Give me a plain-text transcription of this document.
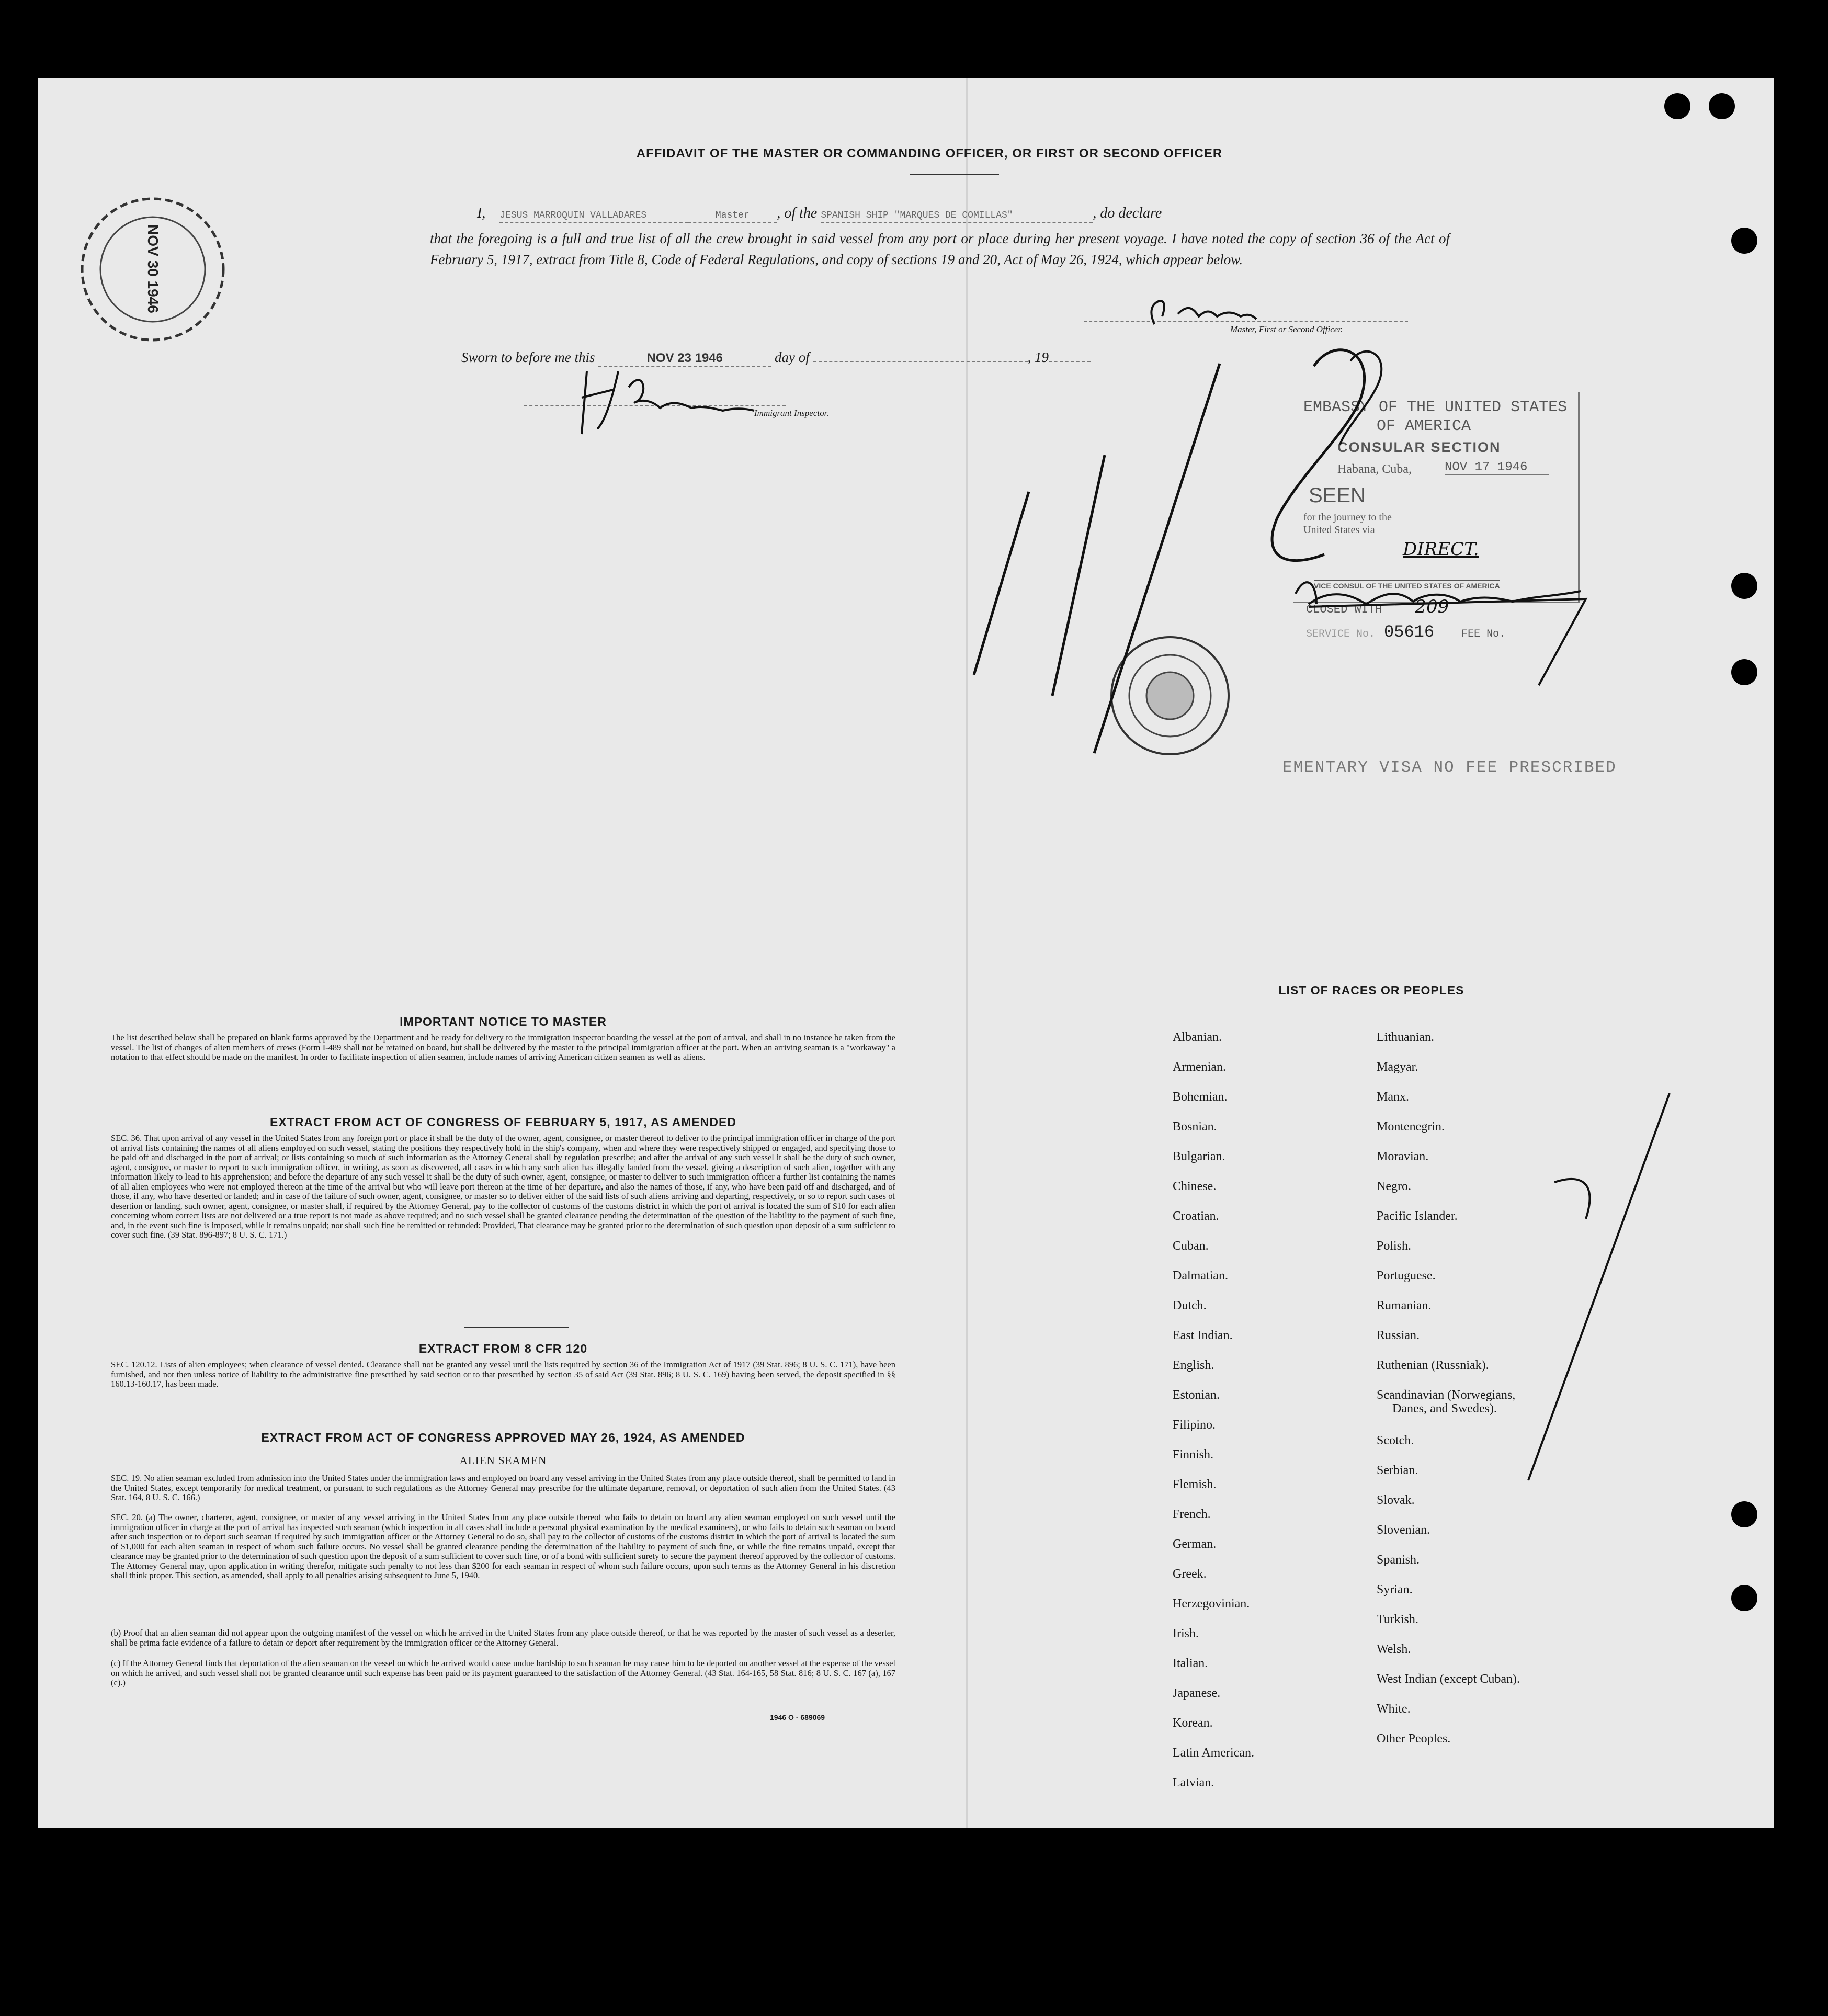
AFFIDAVIT OF THE MASTER OR COMMANDING OFFICER, OR FIRST OR SECOND OFFICER
I, JESUS MARROQUIN VALLADARES	Master , of the SPANISH SHIP "MARQUES DE COMILLAS"	, do declare
that the foregoing is a full and true list of all the crew brought in said vessel from any port or place during her present voyage. I have noted the copy of section 36 of the Act of February 5, 1917, extract from Title 8, Code of Federal Regulations, and copy of sections 19 and 20, Act of May 26, 1924, which appear below.
Master, First or Second Officer.
Sworn to before me this	NOV 23 1946	day of	, 19
Immigrant Inspector.
NOV 30 1946
EMBASSY OF THE UNITED STATES
OF AMERICA
CONSULAR SECTION
Habana, Cuba,	NOV 17 1946
SEEN
for the journey to the
United States via
DIRECT.
VICE CONSUL OF THE UNITED STATES OF AMERICA
CLOSED WITH 209
SERVICE No. 05616	FEE No.
EMENTARY VISA NO FEE PRESCRIBED
IMPORTANT NOTICE TO MASTER
The list described below shall be prepared on blank forms approved by the Department and be ready for delivery to the immigration inspector boarding the vessel at the port of arrival, and shall in no instance be taken from the vessel. The list of changes of alien members of crews (Form I-489 shall not be retained on board, but shall be delivered by the master to the principal immigration officer at the port. When an arriving seaman is a "workaway" a notation to that effect should be made on the manifest. In order to facilitate inspection of alien seamen, include names of arriving American citizen seamen as well as aliens.
EXTRACT FROM ACT OF CONGRESS OF FEBRUARY 5, 1917, AS AMENDED
SEC. 36. That upon arrival of any vessel in the United States from any foreign port or place it shall be the duty of the owner, agent, consignee, or master thereof to deliver to the principal immigration officer in charge of the port of arrival lists containing the names of all aliens employed on such vessel, stating the positions they respectively hold in the ship's company, when and where they were respectively shipped or engaged, and specifying those to be paid off and discharged in the port of arrival; or lists containing so much of such information as the Attorney General shall by regulation prescribe; and after the arrival of any such vessel it shall be the duty of such owner, agent, consignee, or master to report to such immigration officer, in writing, as soon as discovered, all cases in which any such alien has illegally landed from the vessel, giving a description of such alien, together with any information likely to lead to his apprehension; and before the departure of any such vessel it shall be the duty of such owner, agent, consignee, or master to deliver to such immigration officer a further list containing the names of all alien employees who were not employed thereon at the time of the arrival but who will leave port thereon at the time of her departure, and also the names of those, if any, who have been paid off and discharged, and of those, if any, who have deserted or landed; and in case of the failure of such owner, agent, consignee, or master so to deliver either of the said lists of such aliens arriving and departing, respectively, or so to report such cases of desertion or landing, such owner, agent, consignee, or master shall, if required by the Attorney General, pay to the collector of customs of the customs district in which the port of arrival is located the sum of $10 for each alien concerning whom correct lists are not delivered or a true report is not made as above required; and no such vessel shall be granted clearance pending the determination of the question of the liability to the payment of such fine, and, in the event such fine is imposed, while it remains unpaid; nor shall such fine be remitted or refunded: Provided, That clearance may be granted prior to the determination of such question upon deposit of a sum sufficient to cover such fine. (39 Stat. 896-897; 8 U. S. C. 171.)
EXTRACT FROM 8 CFR 120
SEC. 120.12. Lists of alien employees; when clearance of vessel denied. Clearance shall not be granted any vessel until the lists required by section 36 of the Immigration Act of 1917 (39 Stat. 896; 8 U. S. C. 171), have been furnished, and not then unless notice of liability to the administrative fine prescribed by said section or to that prescribed by section 35 of said Act (39 Stat. 896; 8 U. S. C. 169) having been served, the deposit specified in §§ 160.13-160.17, has been made.
EXTRACT FROM ACT OF CONGRESS APPROVED MAY 26, 1924, AS AMENDED
ALIEN SEAMEN
SEC. 19. No alien seaman excluded from admission into the United States under the immigration laws and employed on board any vessel arriving in the United States from any place outside thereof, shall be permitted to land in the United States, except temporarily for medical treatment, or pursuant to such regulations as the Attorney General may prescribe for the ultimate departure, removal, or deportation of such alien from the United States. (43 Stat. 164, 8 U. S. C. 166.)
SEC. 20. (a) The owner, charterer, agent, consignee, or master of any vessel arriving in the United States from any place outside thereof who fails to detain on board any alien seaman employed on such vessel until the immigration officer in charge at the port of arrival has inspected such seaman (which inspection in all cases shall include a personal physical examination by the medical examiners), or who fails to detain such seaman on board after such inspection or to deport such seaman if required by such immigration officer or the Attorney General to do so, shall pay to the collector of customs of the customs district in which the port of arrival is located the sum of $1,000 for each alien seaman in respect of whom such failure occurs. No vessel shall be granted clearance pending the determination of the liability to payment of such fine, or while the fine remains unpaid, except that clearance may be granted prior to the determination of such question upon the deposit of a sum sufficient to cover such fine, or of a bond with sufficient surety to secure the payment thereof approved by the collector of customs. The Attorney General may, upon application in writing therefor, mitigate such penalty to not less than $200 for each seaman in respect of whom such failure occurs, upon such terms as the Attorney General in his discretion shall think proper. This section, as amended, shall apply to all penalties arising subsequent to June 5, 1940.
(b) Proof that an alien seaman did not appear upon the outgoing manifest of the vessel on which he arrived in the United States from any place outside thereof, or that he was reported by the master of such vessel as a deserter, shall be prima facie evidence of a failure to detain or deport after requirement by the immigration officer or the Attorney General.
(c) If the Attorney General finds that deportation of the alien seaman on the vessel on which he arrived would cause undue hardship to such seaman he may cause him to be deported on another vessel at the expense of the vessel on which he arrived, and such vessel shall not be granted clearance until such expense has been paid or its payment guaranteed to the satisfaction of the Attorney General. (43 Stat. 164-165, 58 Stat. 816; 8 U. S. C. 167 (a), 167 (c).)
1946 O - 689069
LIST OF RACES OR PEOPLES
Albanian.
Armenian.
Bohemian.
Bosnian.
Bulgarian.
Chinese.
Croatian.
Cuban.
Dalmatian.
Dutch.
East Indian.
English.
Estonian.
Filipino.
Finnish.
Flemish.
French.
German.
Greek.
Herzegovinian.
Irish.
Italian.
Japanese.
Korean.
Latin American.
Latvian.
Lithuanian.
Magyar.
Manx.
Montenegrin.
Moravian.
Negro.
Pacific Islander.
Polish.
Portuguese.
Rumanian.
Russian.
Ruthenian (Russniak).
Scandinavian (Norwegians,
Danes, and Swedes).
Scotch.
Serbian.
Slovak.
Slovenian.
Spanish.
Syrian.
Turkish.
Welsh.
West Indian (except Cuban).
White.
Other Peoples.
